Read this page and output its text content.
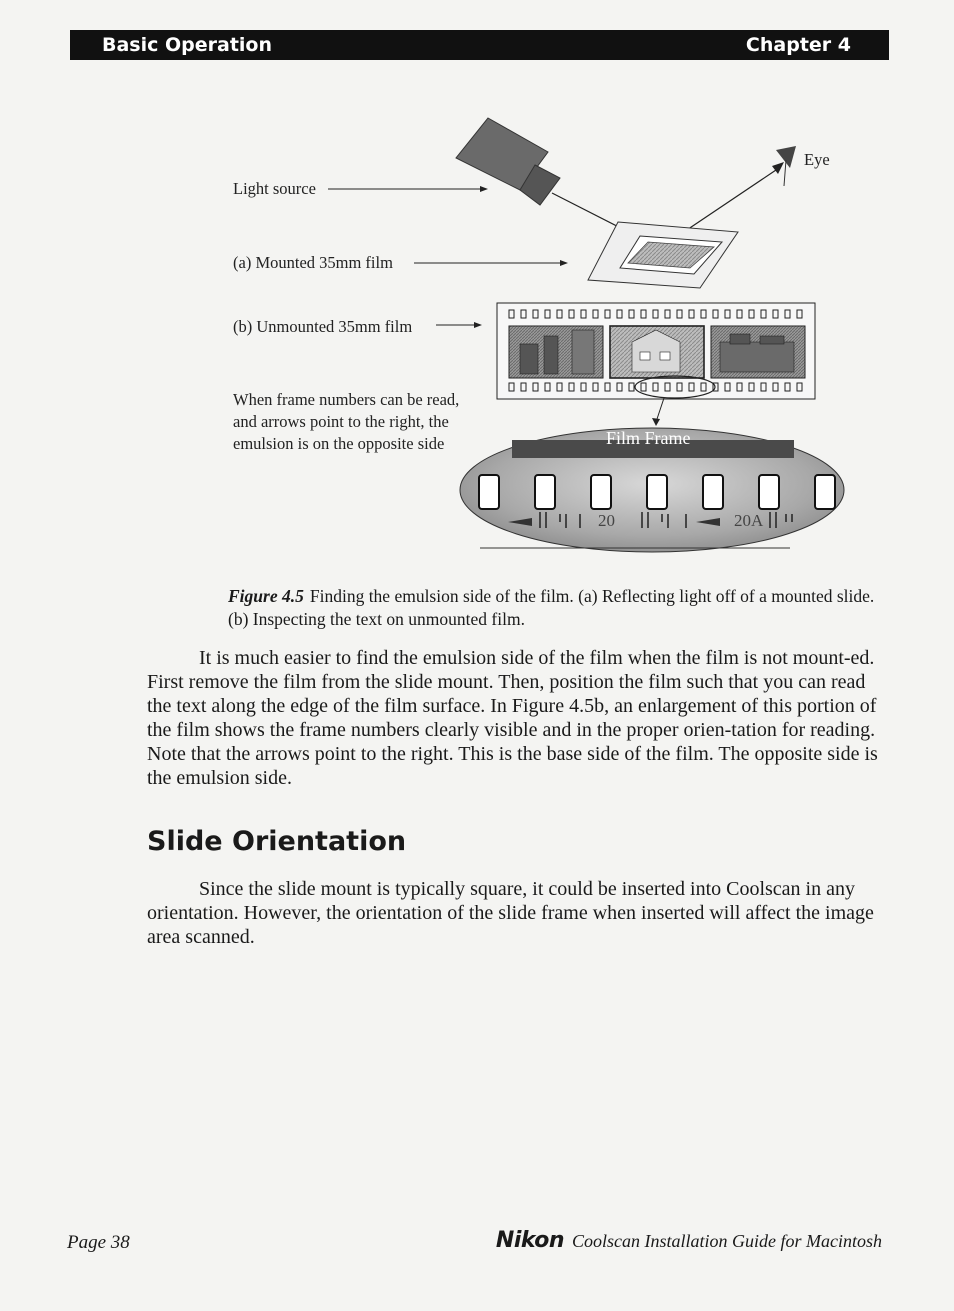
Basic Operation	Chapter 4
Light source
(a) Mounted 35mm film
(b) Unmounted 35mm film
Eye
When frame numbers can be read,
and arrows point to the right, the
emulsion is on the opposite side	Film Frame
20	20A
Figure 4.5 Finding the emulsion side of the film. (a) Reflecting light off of a mounted slide. (b) Inspecting the text on unmounted film.

It is much easier to find the emulsion side of the film when the film is not mount-ed. First remove the film from the slide mount. Then, position the film such that you can read the text along the edge of the film surface. In Figure 4.5b, an enlargement of this portion of the film shows the frame numbers clearly visible and in the proper orien-tation for reading. Note that the arrows point to the right. This is the base side of the film. The opposite side is the emulsion side.

Slide Orientation

Since the slide mount is typically square, it could be inserted into Coolscan in any orientation. However, the orientation of the slide frame when inserted will affect the image area scanned.

Page 38	Nikon Coolscan Installation Guide for Macintosh
